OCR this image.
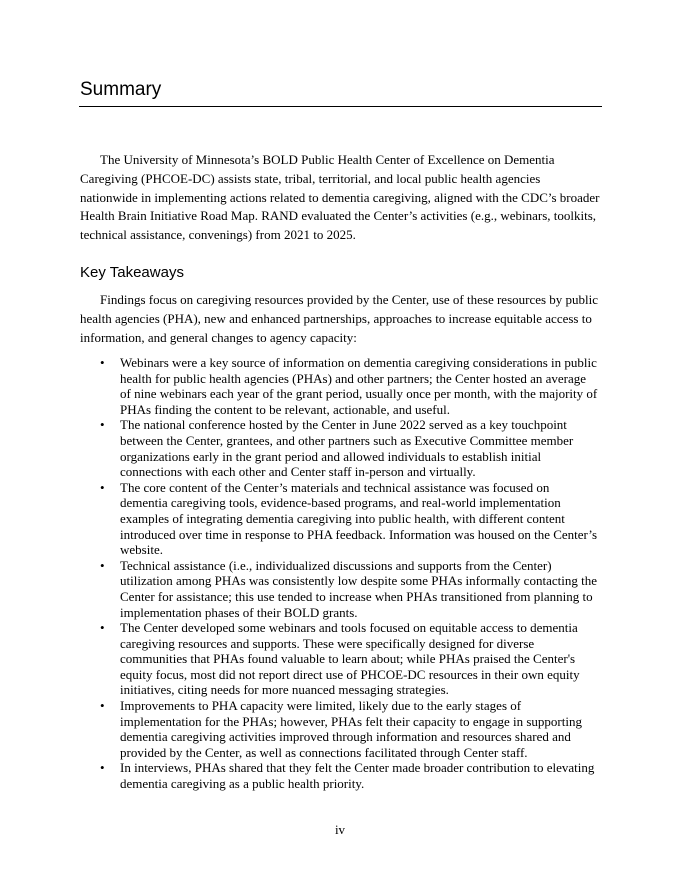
Summary

The University of Minnesota’s BOLD Public Health Center of Excellence on Dementia Caregiving (PHCOE-DC) assists state, tribal, territorial, and local public health agencies nationwide in implementing actions related to dementia caregiving, aligned with the CDC’s broader Health Brain Initiative Road Map. RAND evaluated the Center’s activities (e.g., webinars, toolkits, technical assistance, convenings) from 2021 to 2025.

Key Takeaways

Findings focus on caregiving resources provided by the Center, use of these resources by public health agencies (PHA), new and enhanced partnerships, approaches to increase equitable access to information, and general changes to agency capacity:

• Webinars were a key source of information on dementia caregiving considerations in public health for public health agencies (PHAs) and other partners; the Center hosted an average of nine webinars each year of the grant period, usually once per month, with the majority of PHAs finding the content to be relevant, actionable, and useful.
• The national conference hosted by the Center in June 2022 served as a key touchpoint between the Center, grantees, and other partners such as Executive Committee member organizations early in the grant period and allowed individuals to establish initial connections with each other and Center staff in-person and virtually.
• The core content of the Center’s materials and technical assistance was focused on dementia caregiving tools, evidence-based programs, and real-world implementation examples of integrating dementia caregiving into public health, with different content introduced over time in response to PHA feedback. Information was housed on the Center’s website.
• Technical assistance (i.e., individualized discussions and supports from the Center) utilization among PHAs was consistently low despite some PHAs informally contacting the Center for assistance; this use tended to increase when PHAs transitioned from planning to implementation phases of their BOLD grants.
• The Center developed some webinars and tools focused on equitable access to dementia caregiving resources and supports. These were specifically designed for diverse communities that PHAs found valuable to learn about; while PHAs praised the Center's equity focus, most did not report direct use of PHCOE-DC resources in their own equity initiatives, citing needs for more nuanced messaging strategies.
• Improvements to PHA capacity were limited, likely due to the early stages of implementation for the PHAs; however, PHAs felt their capacity to engage in supporting dementia caregiving activities improved through information and resources shared and provided by the Center, as well as connections facilitated through Center staff.
• In interviews, PHAs shared that they felt the Center made broader contribution to elevating dementia caregiving as a public health priority.
iv
